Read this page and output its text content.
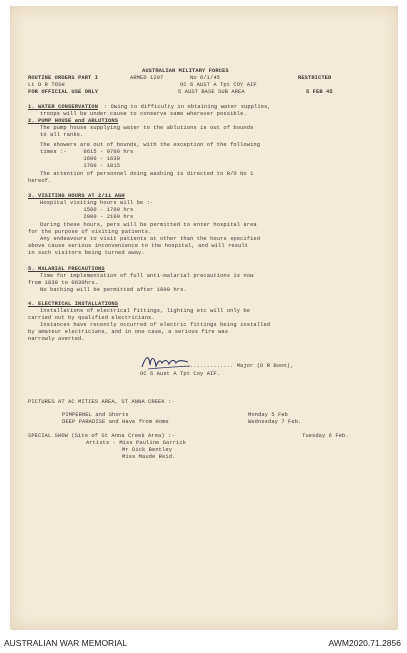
AUSTRALIAN MILITARY FORCES
ROUTINE ORDERS PART I	ARMED 1207	No 6/1/45	RESTRICTED
Lt D R TOSH	OC 6 AUST A Tpt COY AIF
FOR OFFICIAL USE ONLY	5 AUST BASE SUB AREA	5 FEB 45
1. WATER CONSERVATION : Owing to difficulty in obtaining water supplies,
troops will be under cause to conserve same wherever possible.
2. PUMP HOUSE and ABLUTIONS
The pump house supplying water to the ablutions is out of bounds
to all ranks.
The showers are out of bounds, with the exception of the following
times :-     0615 - 0700 hrs
1600 - 1630
1700 - 1815
The attention of personnel doing washing is directed to R/O No 1
hereof.
3. VISITING HOURS AT 2/11 AGH
Hospital visiting hours will be :-
1500 - 1700 hrs
2000 - 2100 hrs
During these hours, pers will be permitted to enter hospital area
for the purpose of visiting patients.
Any endeavours to visit patients at other than the hours specified
above cause serious inconvenience to the hospital, and will result
in such visitors being turned away.
5. MALARIAL PRECAUTIONS
Time for implementation of full anti-malarial precautions is now
from 1830 to 0630hrs.
No bathing will be permitted after 1800 hrs.
4. ELECTRICAL INSTALLATIONS
Installations of electrical fittings, lighting etc will only be
carried out by qualified electricians.
Instances have recently occurred of electric fittings being installed
by amateur electricians, and in one case, a serious fire was
narrowly averted.
................ Major (D R Boon),
OC 6 Aust A Tpt Coy AIF.
PICTURES AT AC MITIES AREA, ST ANNA CREEK :-
PIMPERNEL and Shorts	Monday 5 Feb
DEEP PARADISE and Have from Home	Wednesday 7 Feb.
SPECIAL SHOW (Site of St Anna Creek Area) :-	Tuesday 6 Feb.
Artists - Miss Pauline Garrick
Mr Dick Bentley
Miss Maude Reid.
AUSTRALIAN WAR MEMORIAL	AWM2020.71.2856
